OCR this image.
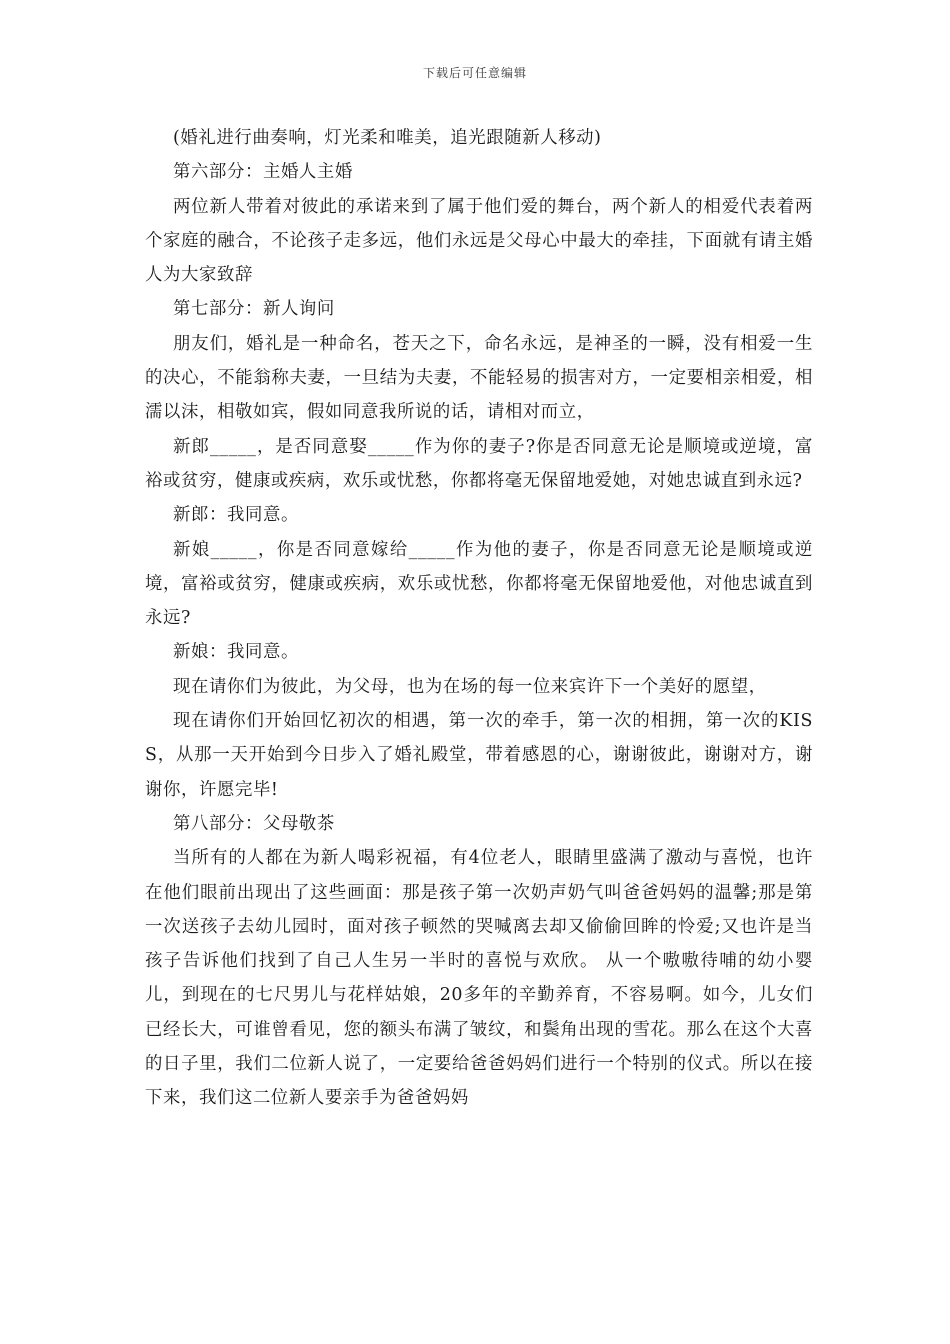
下载后可任意编辑

(婚礼进行曲奏响，灯光柔和唯美，追光跟随新人移动)

第六部分：主婚人主婚

两位新人带着对彼此的承诺来到了属于他们爱的舞台，两个新人的相爱代表着两个家庭的融合，不论孩子走多远，他们永远是父母心中最大的牵挂，下面就有请主婚人为大家致辞

第七部分：新人询问

朋友们，婚礼是一种命名，苍天之下，命名永远，是神圣的一瞬，没有相爱一生的决心，不能翁称夫妻，一旦结为夫妻，不能轻易的损害对方，一定要相亲相爱，相濡以沫，相敬如宾，假如同意我所说的话，请相对而立，

新郎_____，是否同意娶_____作为你的妻子?你是否同意无论是顺境或逆境，富裕或贫穷，健康或疾病，欢乐或忧愁，你都将毫无保留地爱她，对她忠诚直到永远?

新郎：我同意。

新娘_____，你是否同意嫁给_____作为他的妻子，你是否同意无论是顺境或逆境，富裕或贫穷，健康或疾病，欢乐或忧愁，你都将毫无保留地爱他，对他忠诚直到永远?

新娘：我同意。

现在请你们为彼此，为父母，也为在场的每一位来宾许下一个美好的愿望，

现在请你们开始回忆初次的相遇，第一次的牵手，第一次的相拥，第一次的KISS，从那一天开始到今日步入了婚礼殿堂，带着感恩的心，谢谢彼此，谢谢对方，谢谢你，许愿完毕!

第八部分：父母敬茶

当所有的人都在为新人喝彩祝福，有4位老人，眼睛里盛满了激动与喜悦，也许在他们眼前出现出了这些画面：那是孩子第一次奶声奶气叫爸爸妈妈的温馨;那是第一次送孩子去幼儿园时，面对孩子顿然的哭喊离去却又偷偷回眸的怜爱;又也许是当孩子告诉他们找到了自己人生另一半时的喜悦与欢欣。 从一个嗷嗷待哺的幼小婴儿，到现在的七尺男儿与花样姑娘，20多年的辛勤养育，不容易啊。如今，儿女们已经长大，可谁曾看见，您的额头布满了皱纹，和鬓角出现的雪花。那么在这个大喜的日子里，我们二位新人说了，一定要给爸爸妈妈们进行一个特别的仪式。所以在接下来，我们这二位新人要亲手为爸爸妈妈
